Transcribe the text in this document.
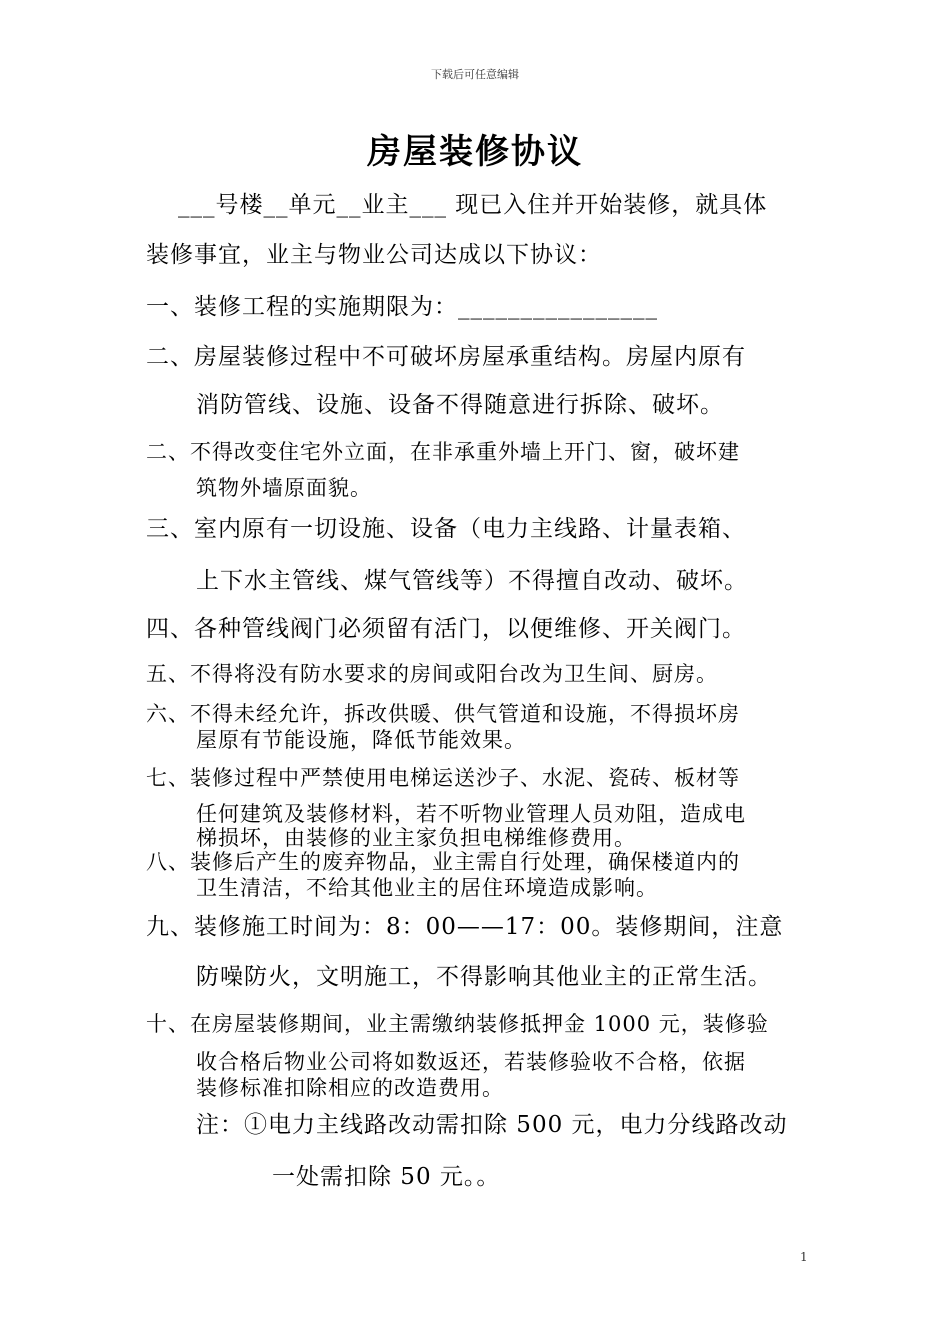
下载后可任意编辑
房屋装修协议
___号楼__单元__业主___ 现已入住并开始装修，就具体
装修事宜，业主与物业公司达成以下协议：
一、装修工程的实施期限为：________________
二、房屋装修过程中不可破坏房屋承重结构。房屋内原有
消防管线、设施、设备不得随意进行拆除、破坏。
二、不得改变住宅外立面，在非承重外墙上开门、窗，破坏建
筑物外墙原面貌。
三、室内原有一切设施、设备（电力主线路、计量表箱、
上下水主管线、煤气管线等）不得擅自改动、破坏。
四、各种管线阀门必须留有活门，以便维修、开关阀门。
五、不得将没有防水要求的房间或阳台改为卫生间、厨房。
六、不得未经允许，拆改供暖、供气管道和设施，不得损坏房
屋原有节能设施，降低节能效果。
七、装修过程中严禁使用电梯运送沙子、水泥、瓷砖、板材等
任何建筑及装修材料，若不听物业管理人员劝阻，造成电
梯损坏，由装修的业主家负担电梯维修费用。
八、装修后产生的废弃物品，业主需自行处理，确保楼道内的
卫生清洁，不给其他业主的居住环境造成影响。
九、装修施工时间为：8：00——17：00。装修期间，注意
防噪防火，文明施工，不得影响其他业主的正常生活。
十、在房屋装修期间，业主需缴纳装修抵押金 1000 元，装修验
收合格后物业公司将如数返还，若装修验收不合格，依据
装修标准扣除相应的改造费用。
注：①电力主线路改动需扣除 500 元，电力分线路改动
一处需扣除 50 元。。
1
